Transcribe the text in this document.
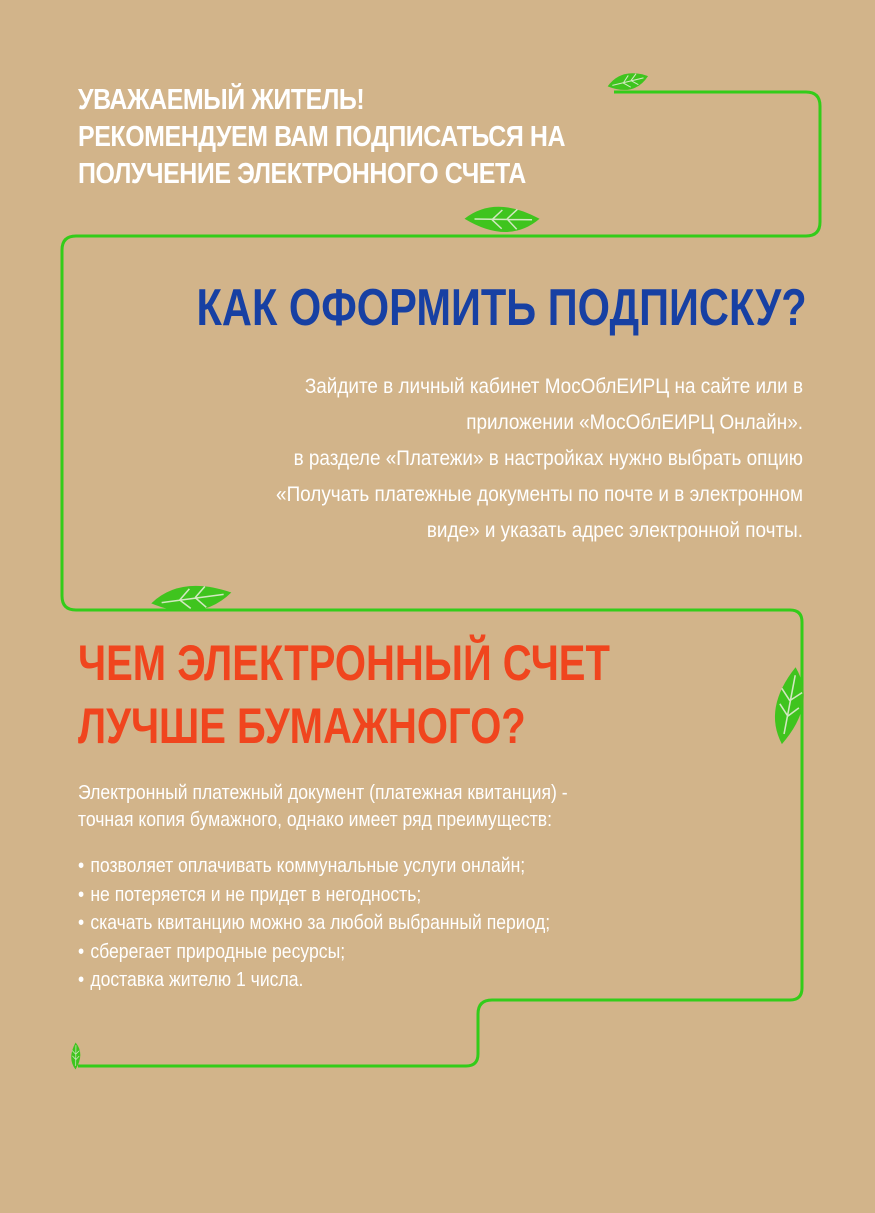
УВАЖАЕМЫЙ ЖИТЕЛЬ!
РЕКОМЕНДУЕМ ВАМ ПОДПИСАТЬСЯ НА
ПОЛУЧЕНИЕ ЭЛЕКТРОННОГО СЧЕТА
КАК ОФОРМИТЬ ПОДПИСКУ?
Зайдите в личный кабинет МосОблЕИРЦ на сайте или в
приложении «МосОблЕИРЦ Онлайн».
в разделе «Платежи» в настройках нужно выбрать опцию
«Получать платежные документы по почте и в электронном
виде» и указать адрес электронной почты.
ЧЕМ ЭЛЕКТРОННЫЙ СЧЕТ
ЛУЧШЕ БУМАЖНОГО?
Электронный платежный документ (платежная квитанция) -
точная копия бумажного, однако имеет ряд преимуществ:
• позволяет оплачивать коммунальные услуги онлайн;
• не потеряется и не придет в негодность;
• скачать квитанцию можно за любой выбранный период;
• сберегает природные ресурсы;
• доставка жителю 1 числа.
